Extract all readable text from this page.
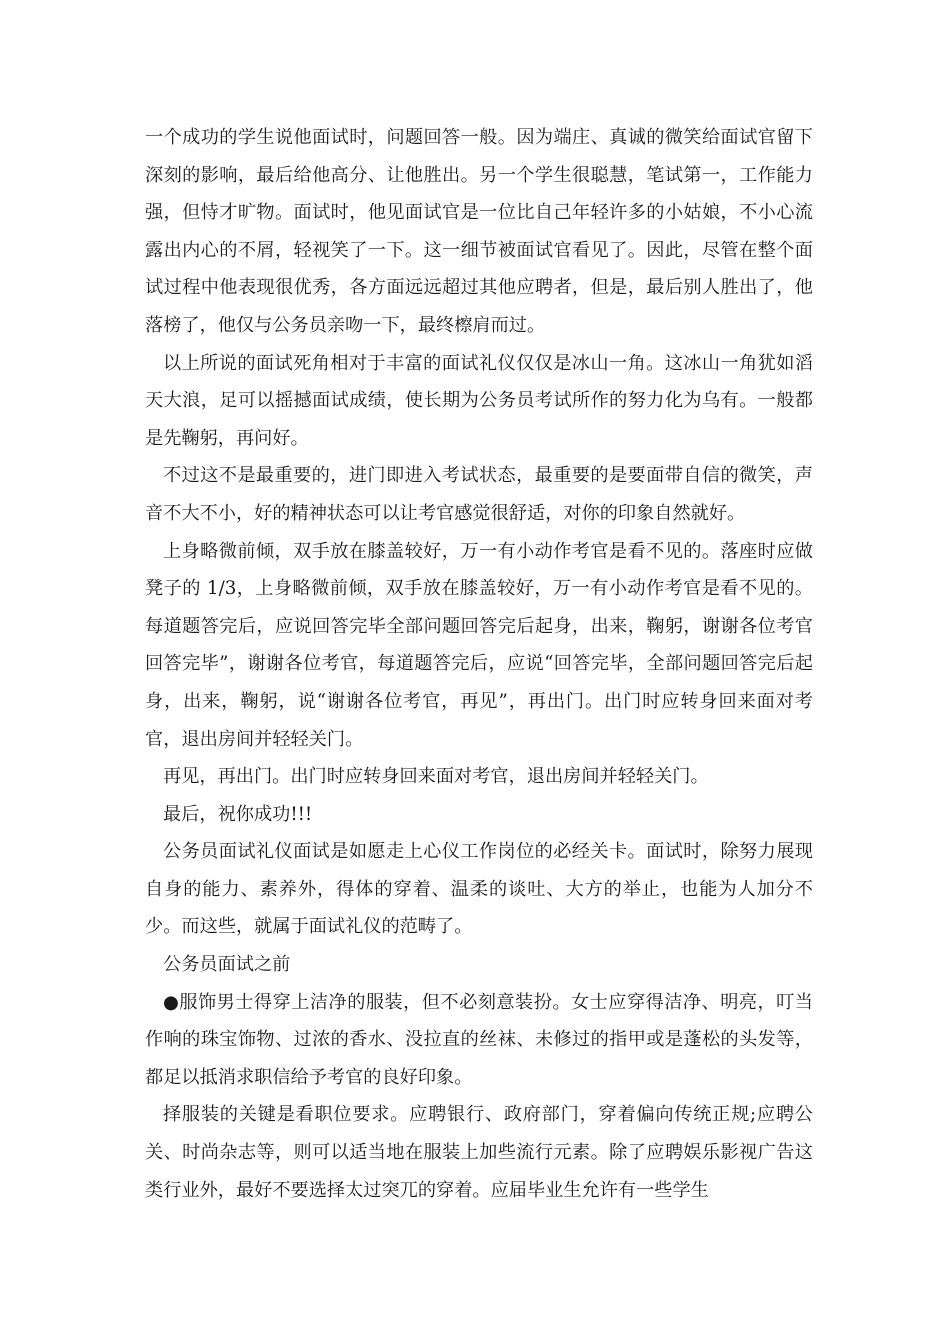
一个成功的学生说他面试时，问题回答一般。因为端庄、真诚的微笑给面试官留下深刻的影响，最后给他高分、让他胜出。另一个学生很聪慧，笔试第一，工作能力强，但恃才旷物。面试时，他见面试官是一位比自己年轻许多的小姑娘，不小心流露出内心的不屑，轻视笑了一下。这一细节被面试官看见了。因此，尽管在整个面试过程中他表现很优秀，各方面远远超过其他应聘者，但是，最后别人胜出了，他落榜了，他仅与公务员亲吻一下，最终檫肩而过。

以上所说的面试死角相对于丰富的面试礼仪仅仅是冰山一角。这冰山一角犹如滔天大浪，足可以摇撼面试成绩，使长期为公务员考试所作的努力化为乌有。一般都是先鞠躬，再问好。

不过这不是最重要的，进门即进入考试状态，最重要的是要面带自信的微笑，声音不大不小，好的精神状态可以让考官感觉很舒适，对你的印象自然就好。

上身略微前倾，双手放在膝盖较好，万一有小动作考官是看不见的。落座时应做凳子的 1/3，上身略微前倾，双手放在膝盖较好，万一有小动作考官是看不见的。每道题答完后，应说回答完毕全部问题回答完后起身，出来，鞠躬，谢谢各位考官回答完毕”，谢谢各位考官，每道题答完后，应说“回答完毕，全部问题回答完后起身，出来，鞠躬，说“谢谢各位考官，再见”，再出门。出门时应转身回来面对考官，退出房间并轻轻关门。

再见，再出门。出门时应转身回来面对考官，退出房间并轻轻关门。

最后，祝你成功!!!

公务员面试礼仪面试是如愿走上心仪工作岗位的必经关卡。面试时，除努力展现自身的能力、素养外，得体的穿着、温柔的谈吐、大方的举止，也能为人加分不少。而这些，就属于面试礼仪的范畴了。

公务员面试之前

●服饰男士得穿上洁净的服装，但不必刻意装扮。女士应穿得洁净、明亮，叮当作响的珠宝饰物、过浓的香水、没拉直的丝袜、未修过的指甲或是蓬松的头发等，都足以抵消求职信给予考官的良好印象。

择服装的关键是看职位要求。应聘银行、政府部门，穿着偏向传统正规;应聘公关、时尚杂志等，则可以适当地在服装上加些流行元素。除了应聘娱乐影视广告这类行业外，最好不要选择太过突兀的穿着。应届毕业生允许有一些学生
